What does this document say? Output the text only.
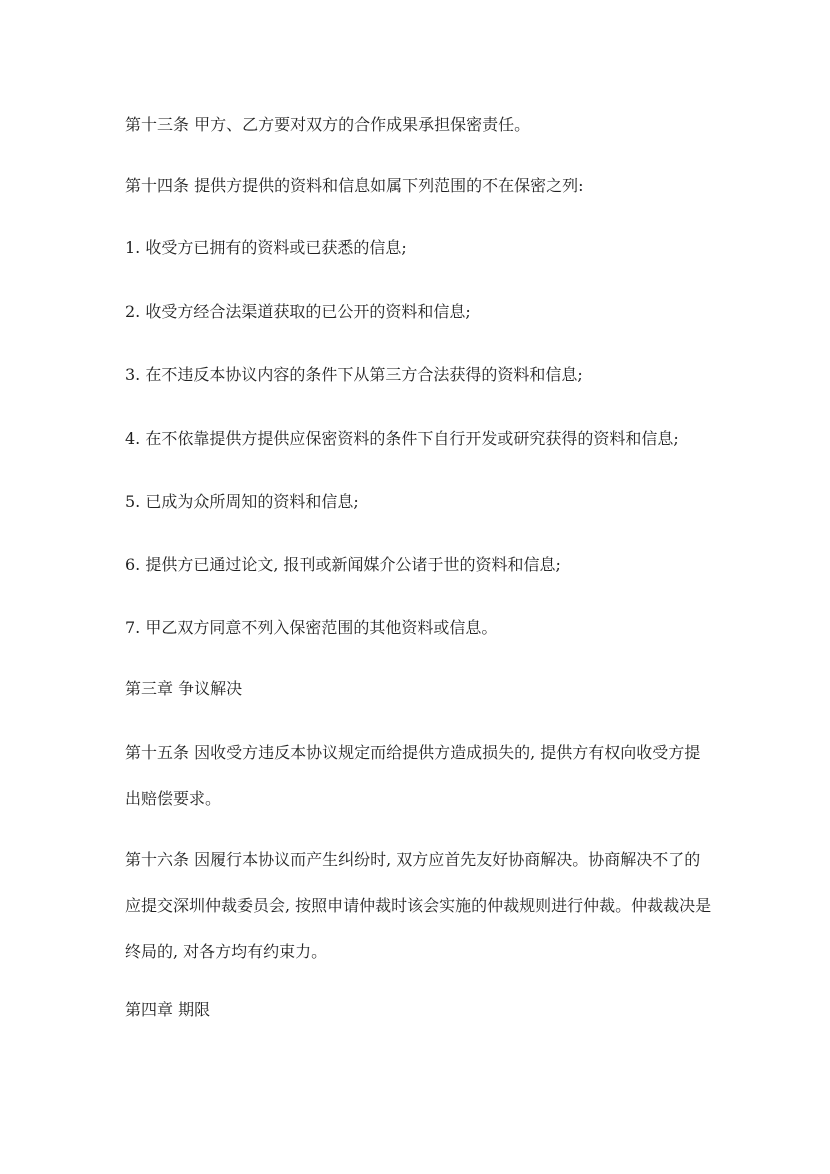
第十三条 甲方、乙方要对双方的合作成果承担保密责任。

第十四条 提供方提供的资料和信息如属下列范围的不在保密之列:

1. 收受方已拥有的资料或已获悉的信息;

2. 收受方经合法渠道获取的已公开的资料和信息;

3. 在不违反本协议内容的条件下从第三方合法获得的资料和信息;

4. 在不依靠提供方提供应保密资料的条件下自行开发或研究获得的资料和信息;

5. 已成为众所周知的资料和信息;

6. 提供方已通过论文, 报刊或新闻媒介公诸于世的资料和信息;

7. 甲乙双方同意不列入保密范围的其他资料或信息。

第三章 争议解决

第十五条 因收受方违反本协议规定而给提供方造成损失的, 提供方有权向收受方提出赔偿要求。

第十六条 因履行本协议而产生纠纷时, 双方应首先友好协商解决。协商解决不了的应提交深圳仲裁委员会, 按照申请仲裁时该会实施的仲裁规则进行仲裁。仲裁裁决是终局的, 对各方均有约束力。

第四章 期限
